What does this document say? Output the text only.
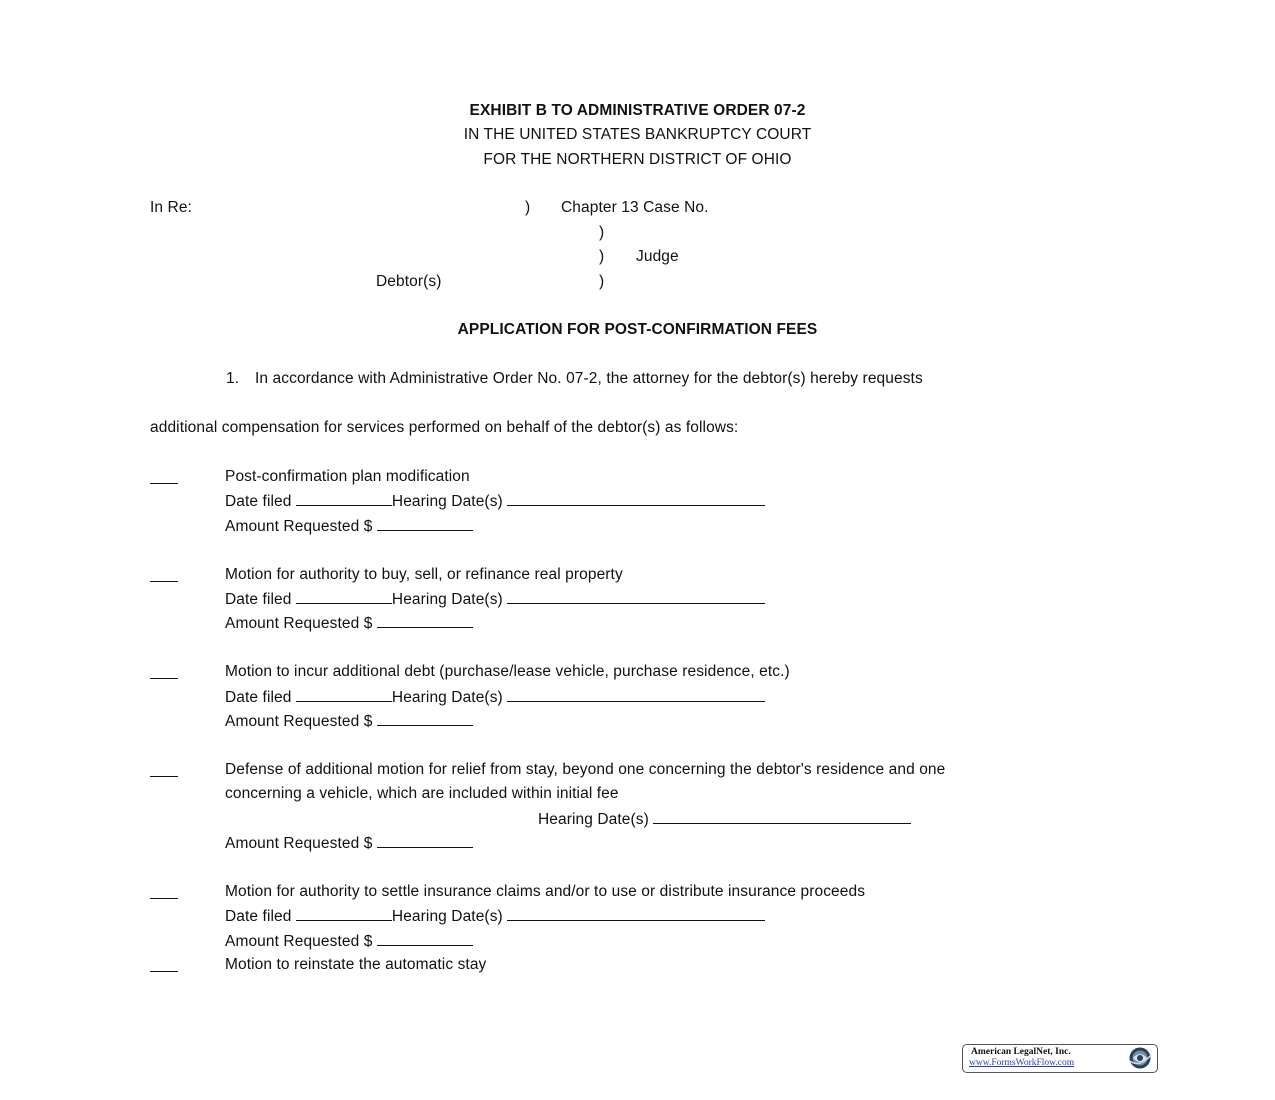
EXHIBIT B TO ADMINISTRATIVE ORDER 07-2
IN THE UNITED STATES BANKRUPTCY COURT
FOR THE NORTHERN DISTRICT OF OHIO
In Re:	) Chapter 13 Case No.
)
) Judge
Debtor(s)	)
APPLICATION FOR POST-CONFIRMATION FEES
1. In accordance with Administrative Order No. 07-2, the attorney for the debtor(s) hereby requests
additional compensation for services performed on behalf of the debtor(s) as follows:
Post-confirmation plan modification
Date filed	Hearing Date(s)
Amount Requested $
Motion for authority to buy, sell, or refinance real property
Date filed	Hearing Date(s)
Amount Requested $
Motion to incur additional debt (purchase/lease vehicle, purchase residence, etc.)
Date filed	Hearing Date(s)
Amount Requested $
Defense of additional motion for relief from stay, beyond one concerning the debtor's residence and one
concerning a vehicle, which are included within initial fee
Hearing Date(s)
Amount Requested $
Motion for authority to settle insurance claims and/or to use or distribute insurance proceeds
Date filed	Hearing Date(s)
Amount Requested $
Motion to reinstate the automatic stay
American LegalNet, Inc.
www.FormsWorkFlow.com
